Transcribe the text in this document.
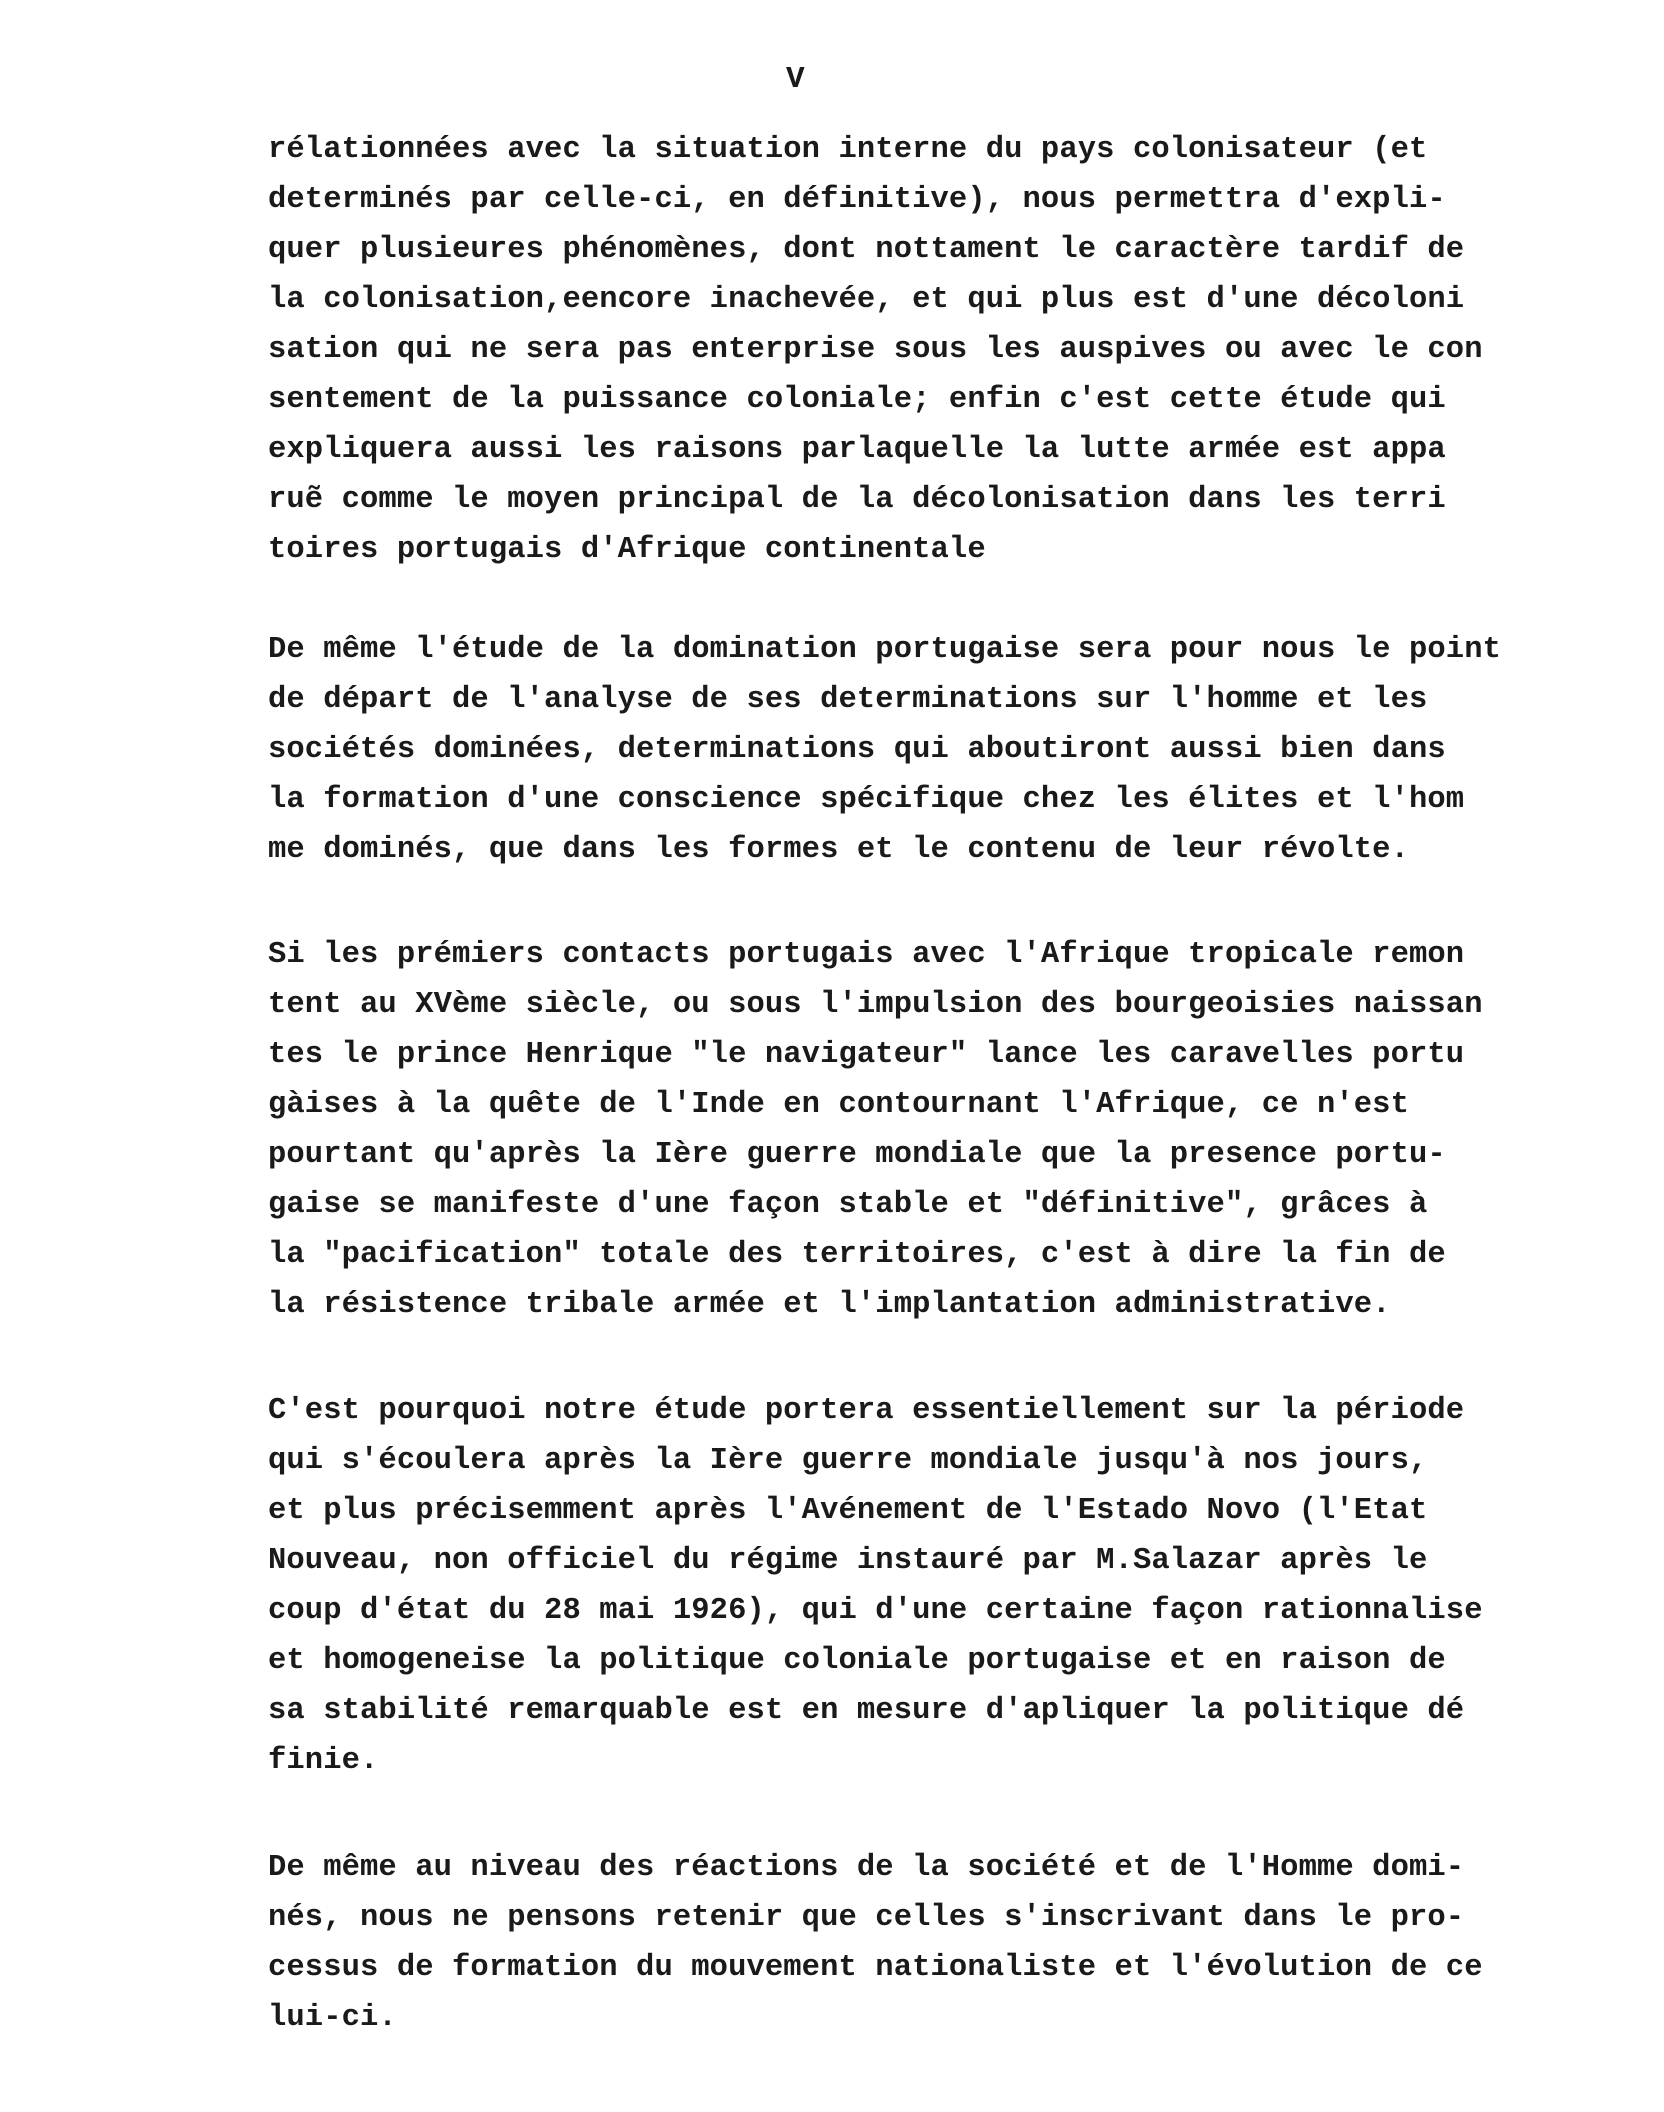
V
rélationnées avec la situation interne du pays colonisateur (et
determinés par celle-ci, en définitive), nous permettra d'expli-
quer plusieures phénomènes, dont nottament le caractère tardif de
la colonisation,eencore inachevée, et qui plus est d'une décoloni
sation qui ne sera pas enterprise sous les auspives ou avec le con
sentement de la puissance coloniale; enfin c'est cette étude qui
expliquera aussi les raisons parlaquelle la lutte armée est appa
ruẽ comme le moyen principal de la décolonisation dans les terri
toires portugais d'Afrique continentale
De même l'étude de la domination portugaise sera pour nous le point
de départ de l'analyse de ses determinations sur l'homme et les
sociétés dominées, determinations qui aboutiront aussi bien dans
la formation d'une conscience spécifique chez les élites et l'hom
me dominés, que dans les formes et le contenu de leur révolte.
Si les prémiers contacts portugais avec l'Afrique tropicale remon
tent au XVème siècle, ou sous l'impulsion des bourgeoisies naissan
tes le prince Henrique "le navigateur" lance les caravelles portu
gàises à la quête de l'Inde en contournant l'Afrique, ce n'est
pourtant qu'après la Ière guerre mondiale que la presence portu-
gaise se manifeste d'une façon stable et "définitive", grâces à
la "pacification" totale des territoires, c'est à dire la fin de
la résistence tribale armée et l'implantation administrative.
C'est pourquoi notre étude portera essentiellement sur la période
qui s'écoulera après la Ière guerre mondiale jusqu'à nos jours,
et plus précisemment après l'Avénement de l'Estado Novo (l'Etat
Nouveau, non officiel du régime instauré par M.Salazar après le
coup d'état du 28 mai 1926), qui d'une certaine façon rationnalise
et homogeneise la politique coloniale portugaise et en raison de
sa stabilité remarquable est en mesure d'apliquer la politique dé
finie.
De même au niveau des réactions de la société et de l'Homme domi-
nés, nous ne pensons retenir que celles s'inscrivant dans le pro-
cessus de formation du mouvement nationaliste et l'évolution de ce
lui-ci.
